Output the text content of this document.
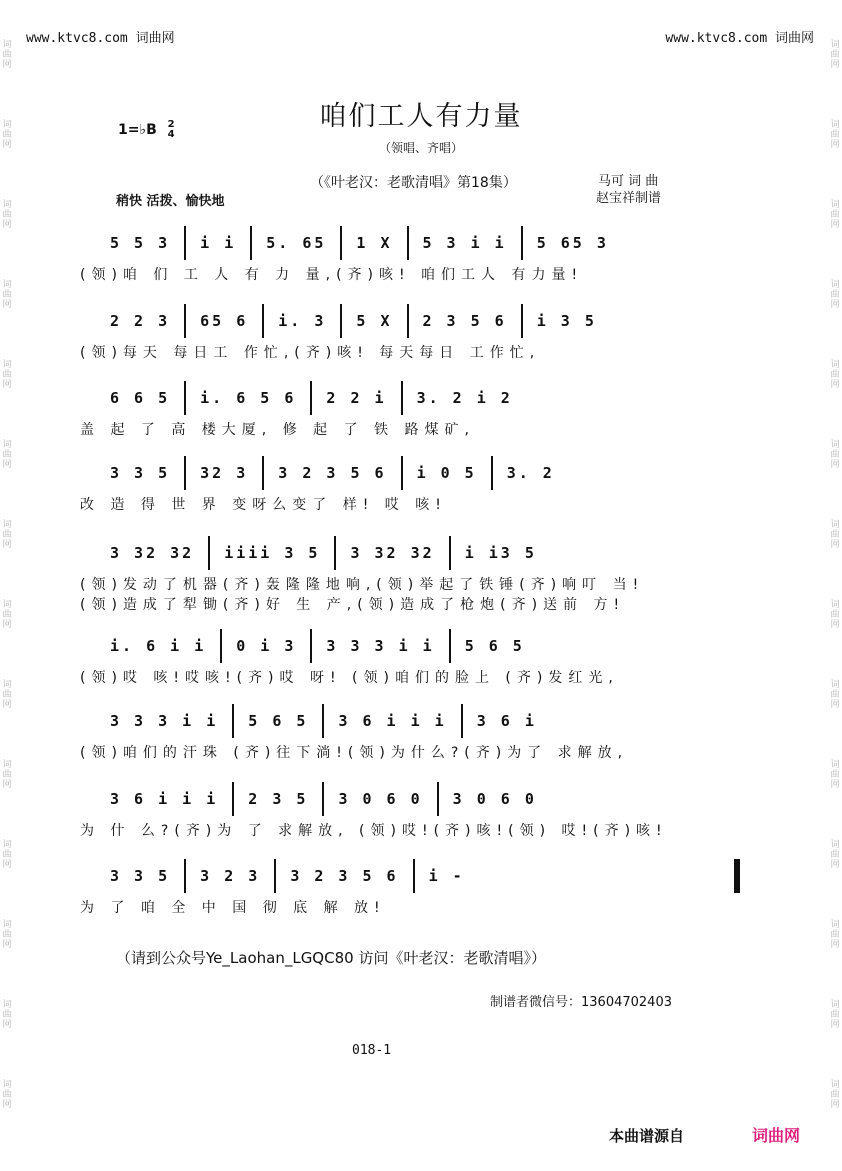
www.ktvc8.com 词曲网	www.ktvc8.com 词曲网
词
曲
网
词
曲
网
词
曲
网
词
曲
网
词
曲
网
词
曲
网
词
曲
网
词
曲
网
词
曲
网
词
曲
网
词
曲
网
词
曲
网
词
曲
网
词
曲
网
词
曲
网
词
曲
网
词
曲
网
词
曲
网
词
曲
网
词
曲
网
词
曲
网
词
曲
网
词
曲
网
词
曲
网
词
曲
网
词
曲
网
词
曲
网
词
曲
网
咱们工人有力量
1=♭B 2
4
（领唱、齐唱）
（《叶老汉：老歌清唱》第18集）	马可 词 曲
赵宝祥制谱
稍快 活拨、愉快地
5 5 3 i i 5. 65 1 X 5 3 i i 5 65 3
(领)咱 们 工 人 有 力 量,(齐)咳! 咱们工人 有力量!
2 2 3 65 6 i. 3 5 X 2 3 5 6 i 3 5
(领)每天 每日工 作忙,(齐)咳! 每天每日 工作忙,
6 6 5 i. 6 5 6 2 2 i 3. 2 i 2
盖 起 了 高 楼大厦, 修 起 了 铁 路煤矿,
3 3 5 32 3 3 2 3 5 6 i 0 5 3. 2
改 造 得 世 界 变呀么变了 样! 哎 咳!
3 32 32 iiii 3 5 3 32 32 i i3 5
(领)发动了机器(齐)轰隆隆地响,(领)举起了铁锤(齐)响叮 当!
(领)造成了犁锄(齐)好 生 产,(领)造成了枪炮(齐)送前 方!
i. 6 i i 0 i 3 3 3 3 i i 5 6 5
(领)哎 咳!哎咳!(齐)哎 呀! (领)咱们的脸上 (齐)发红光,
3 3 3 i i 5 6 5 3 6 i i i 3 6 i
(领)咱们的汗珠 (齐)往下淌!(领)为什么?(齐)为了 求解放,
3 6 i i i 2 3 5 3 0 6 0 3 0 6 0
为 什 么?(齐)为 了 求解放, (领)哎!(齐)咳!(领) 哎!(齐)咳!
3 3 5 3 2 3 3 2 3 5 6 i -
为 了 咱 全 中 国 彻 底 解 放!
（请到公众号Ye_Laohan_LGQC80 访问《叶老汉：老歌清唱》）
制谱者微信号：13604702403
018-1
本曲谱源自	词曲网
